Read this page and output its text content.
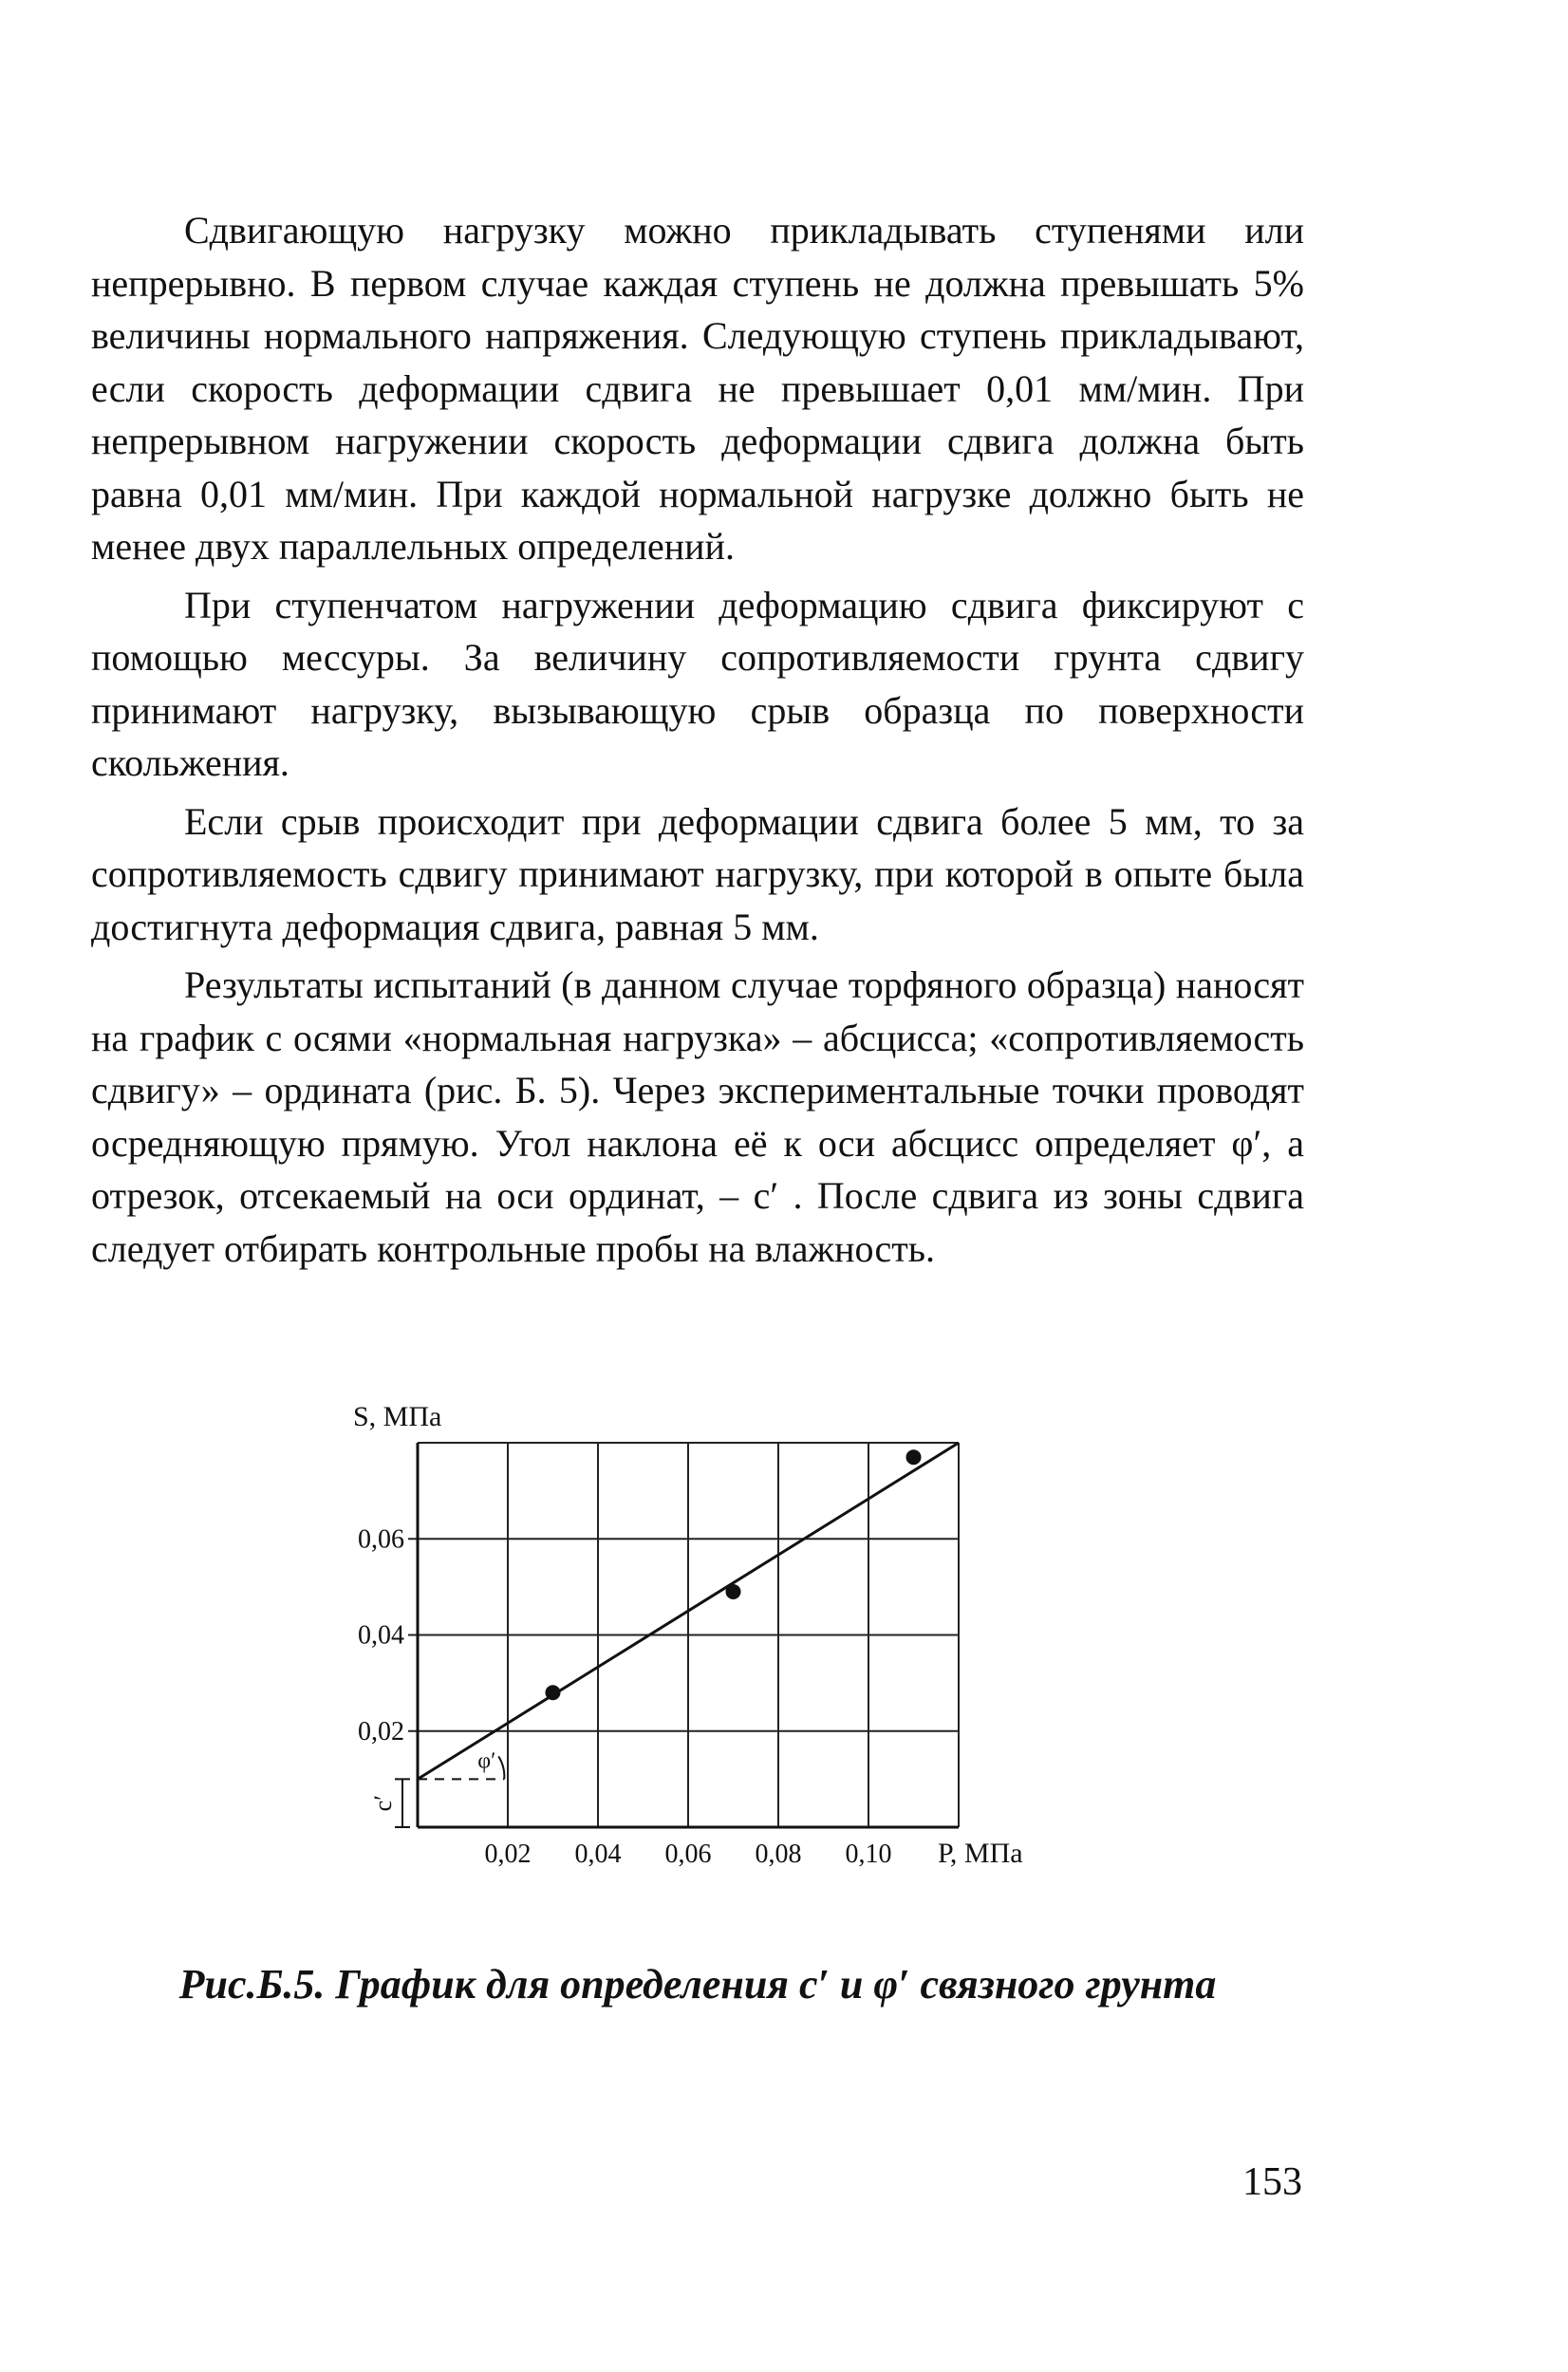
Сдвигающую нагрузку можно прикладывать ступенями или непрерывно. В первом случае каждая ступень не должна превышать 5% величины нормального напряжения. Следующую ступень прикладывают, если скорость деформации сдвига не превышает 0,01 мм/мин. При непрерывном нагружении скорость деформации сдвига должна быть равна 0,01 мм/мин. При каждой нормальной нагрузке должно быть не менее двух параллельных определений.

При ступенчатом нагружении деформацию сдвига фиксируют с помощью мессуры. За величину сопротивляемости грунта сдвигу принимают нагрузку, вызывающую срыв образца по поверхности скольжения.

Если срыв происходит при деформации сдвига более 5 мм, то за сопротивляемость сдвигу принимают нагрузку, при которой в опыте была достигнута деформация сдвига, равная 5 мм.

Результаты испытаний (в данном случае торфяного образца) наносят на график с осями «нормальная нагрузка» – абсцисса; «сопротивляемость сдвигу» – ордината (рис. Б. 5). Через экспериментальные точки проводят осредняющую прямую. Угол наклона её к оси абсцисс определяет φ′, а отрезок, отсекаемый на оси ординат, – c′ . После сдвига из зоны сдвига следует отбирать контрольные пробы на влажность.

S, МПа
Р, МПа
0,02 0,04 0,06 0,08 0,10
0,02
0,04
0,06
φ′
c′
Рис.Б.5. График для определения c′ и φ′ связного грунта
153
